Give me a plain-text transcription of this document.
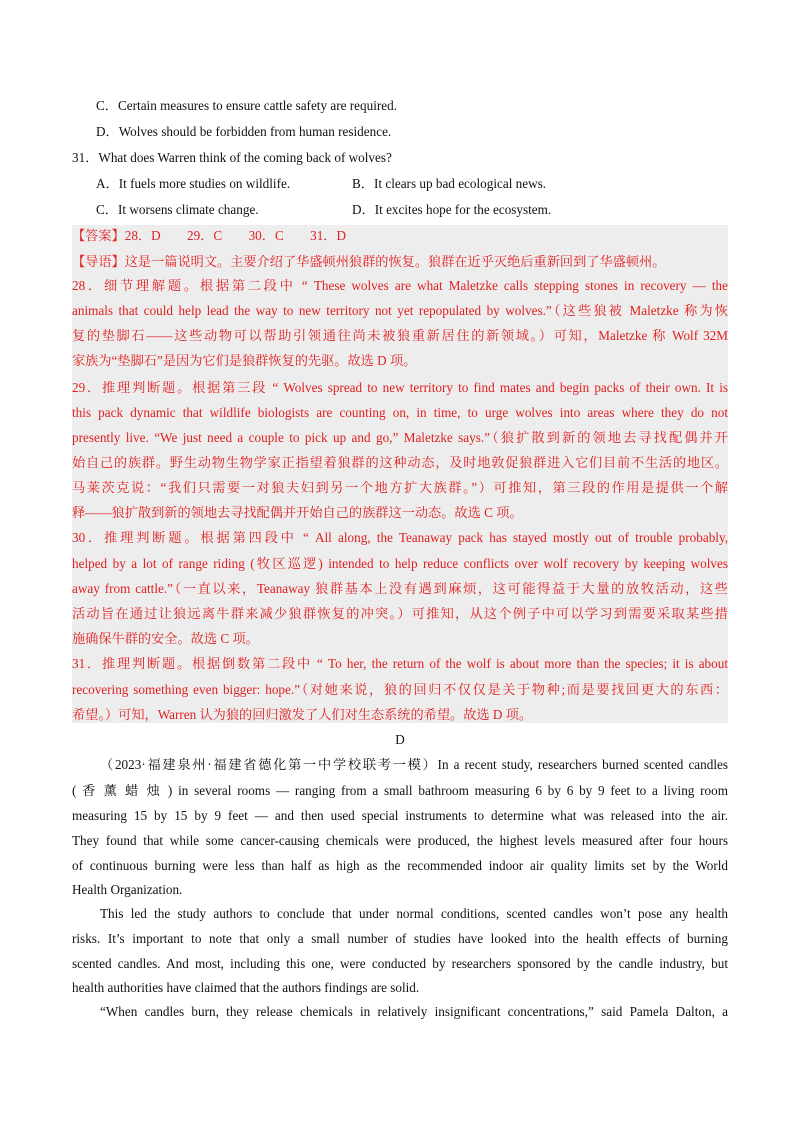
C．Certain measures to ensure cattle safety are required.
D．Wolves should be forbidden from human residence.
31．What does Warren think of the coming back of wolves?
A．It fuels more studies on wildlife.	B．It clears up bad ecological news.
C．It worsens climate change.	D．It excites hope for the ecosystem.
【答案】28．D　　29．C　　30．C　　31．D
【导语】这是一篇说明文。主要介绍了华盛顿州狼群的恢复。狼群在近乎灭绝后重新回到了华盛顿州。
28．细节理解题。根据第二段中 “ These wolves are what Maletzke calls stepping stones in recovery — the
animals that could help lead the way to new territory not yet repopulated by wolves.”（这些狼被 Maletzke 称为恢
复的垫脚石——这些动物可以帮助引领通往尚未被狼重新居住的新领域。）可知，Maletzke 称 Wolf 32M
家族为“垫脚石”是因为它们是狼群恢复的先驱。故选 D 项。
29．推理判断题。根据第三段 “ Wolves spread to new territory to find mates and begin packs of their own. It is
this pack dynamic that wildlife biologists are counting on, in time, to urge wolves into areas where they do not
presently live. “We just need a couple to pick up and go,” Maletzke says.”（狼扩散到新的领地去寻找配偶并开
始自己的族群。野生动物生物学家正指望着狼群的这种动态，及时地敦促狼群进入它们目前不生活的地区。
马莱茨克说：“我们只需要一对狼夫妇到另一个地方扩大族群。”）可推知，第三段的作用是提供一个解
释——狼扩散到新的领地去寻找配偶并开始自己的族群这一动态。故选 C 项。
30．推理判断题。根据第四段中 “ All along, the Teanaway pack has stayed mostly out of trouble probably,
helped by a lot of range riding (牧区巡逻) intended to help reduce conflicts over wolf recovery by keeping wolves
away from cattle.”（一直以来，Teanaway 狼群基本上没有遇到麻烦，这可能得益于大量的放牧活动，这些
活动旨在通过让狼远离牛群来减少狼群恢复的冲突。）可推知，从这个例子中可以学习到需要采取某些措
施确保牛群的安全。故选 C 项。
31．推理判断题。根据倒数第二段中 “ To her, the return of the wolf is about more than the species; it is about
recovering something even bigger: hope.”（对她来说，狼的回归不仅仅是关于物种;而是要找回更大的东西：
希望。）可知，Warren 认为狼的回归激发了人们对生态系统的希望。故选 D 项。
D
（2023·福建泉州·福建省德化第一中学校联考一模）In a recent study, researchers burned scented candles
( 香 薰 蜡 烛 ) in several rooms — ranging from a small bathroom measuring 6 by 6 by 9 feet to a living room
measuring 15 by 15 by 9 feet — and then used special instruments to determine what was released into the air.
They found that while some cancer-causing chemicals were produced, the highest levels measured after four hours
of continuous burning were less than half as high as the recommended indoor air quality limits set by the World
Health Organization.
This led the study authors to conclude that under normal conditions, scented candles won’t pose any health
risks. It’s important to note that only a small number of studies have looked into the health effects of burning
scented candles. And most, including this one, were conducted by researchers sponsored by the candle industry, but
health authorities have claimed that the authors findings are solid.
“When candles burn, they release chemicals in relatively insignificant concentrations,” said Pamela Dalton, a
